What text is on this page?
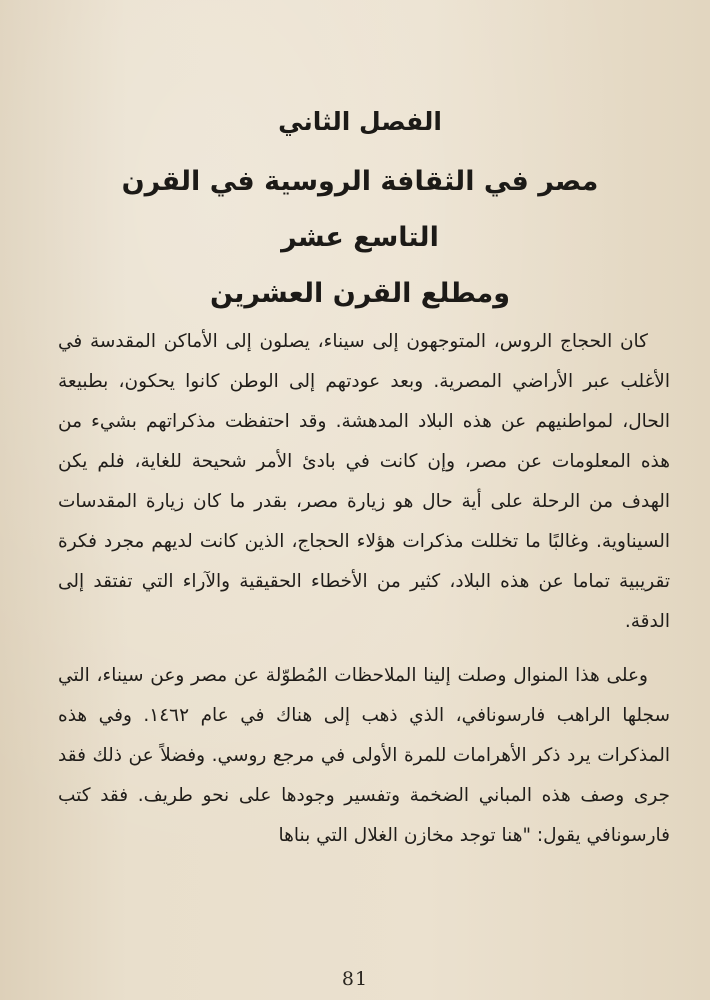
الفصل الثاني
مصر في الثقافة الروسية في القرن التاسع عشر
ومطلع القرن العشرين

كان الحجاج الروس، المتوجهون إلى سيناء، يصلون إلى الأماكن المقدسة في الأغلب عبر الأراضي المصرية. وبعد عودتهم إلى الوطن كانوا يحكون، بطبيعة الحال، لمواطنيهم عن هذه البلاد المدهشة. وقد احتفظت مذكراتهم بشيء من هذه المعلومات عن مصر، وإن كانت في بادئ الأمر شحيحة للغاية، فلم يكن الهدف من الرحلة على أية حال هو زيارة مصر، بقدر ما كان زيارة المقدسات السيناوية. وغالبًا ما تخللت مذكرات هؤلاء الحجاج، الذين كانت لديهم مجرد فكرة تقريبية تماما عن هذه البلاد، كثير من الأخطاء الحقيقية والآراء التي تفتقد إلى الدقة.

وعلى هذا المنوال وصلت إلينا الملاحظات المُطوّلة عن مصر وعن سيناء، التي سجلها الراهب فارسونافي، الذي ذهب إلى هناك في عام ١٤٦٢. وفي هذه المذكرات يرد ذكر الأهرامات للمرة الأولى في مرجع روسي. وفضلاً عن ذلك فقد جرى وصف هذه المباني الضخمة وتفسير وجودها على نحو طريف. فقد كتب فارسونافي يقول: "هنا توجد مخازن الغلال التي بناها

81
